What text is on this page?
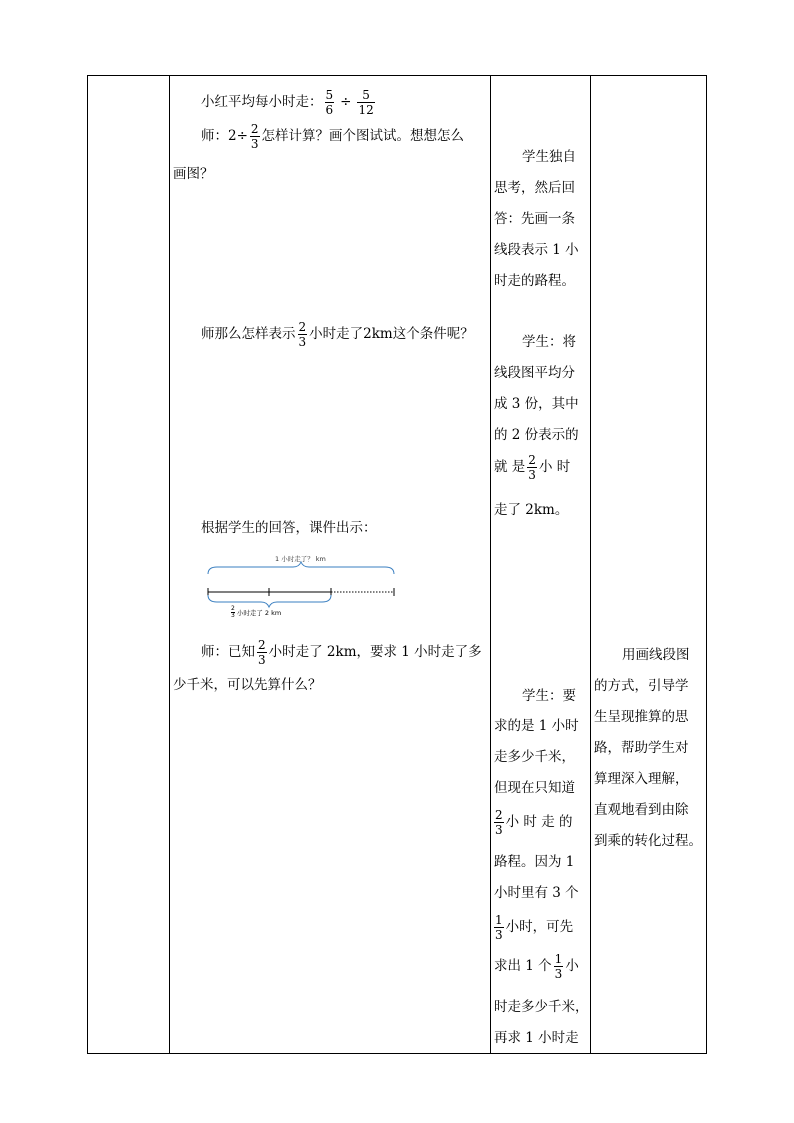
小红平均每小时走： $\frac{5}{6} \div \frac{5}{12}$
师：$2\div \frac{2}{3}$ 怎样计算？画个图试试。想想怎么
画图？
师那么怎样表示 $\frac{2}{3}$ 小时走了2km这个条件呢？
根据学生的回答，课件出示：
1 小时走了？ km
2
3 小时走了 2 km
师：已知 $\frac{2}{3}$ 小时走了 2km，要求 1 小时走了多
少千米，可以先算什么？
学生独自
思考，然后回
答：先画一条
线段表示 1 小
时走的路程。
学生：将
线段图平均分
成 3 份，其中
的 2 份表示的
就 是 $\frac{2}{3}$ 小 时
走了 2km。
学生：要
求的是 1 小时
走多少千米，
但现在只知道
$\frac{2}{3}$ 小 时 走 的
路程。因为 1
小时里有 3 个
$\frac{1}{3}$ 小时，可先
求出 1 个 $\frac{1}{3}$ 小
时走多少千米，
再求 1 小时走
用画线段图
的方式，引导学
生呈现推算的思
路，帮助学生对
算理深入理解，
直观地看到由除
到乘的转化过程。
